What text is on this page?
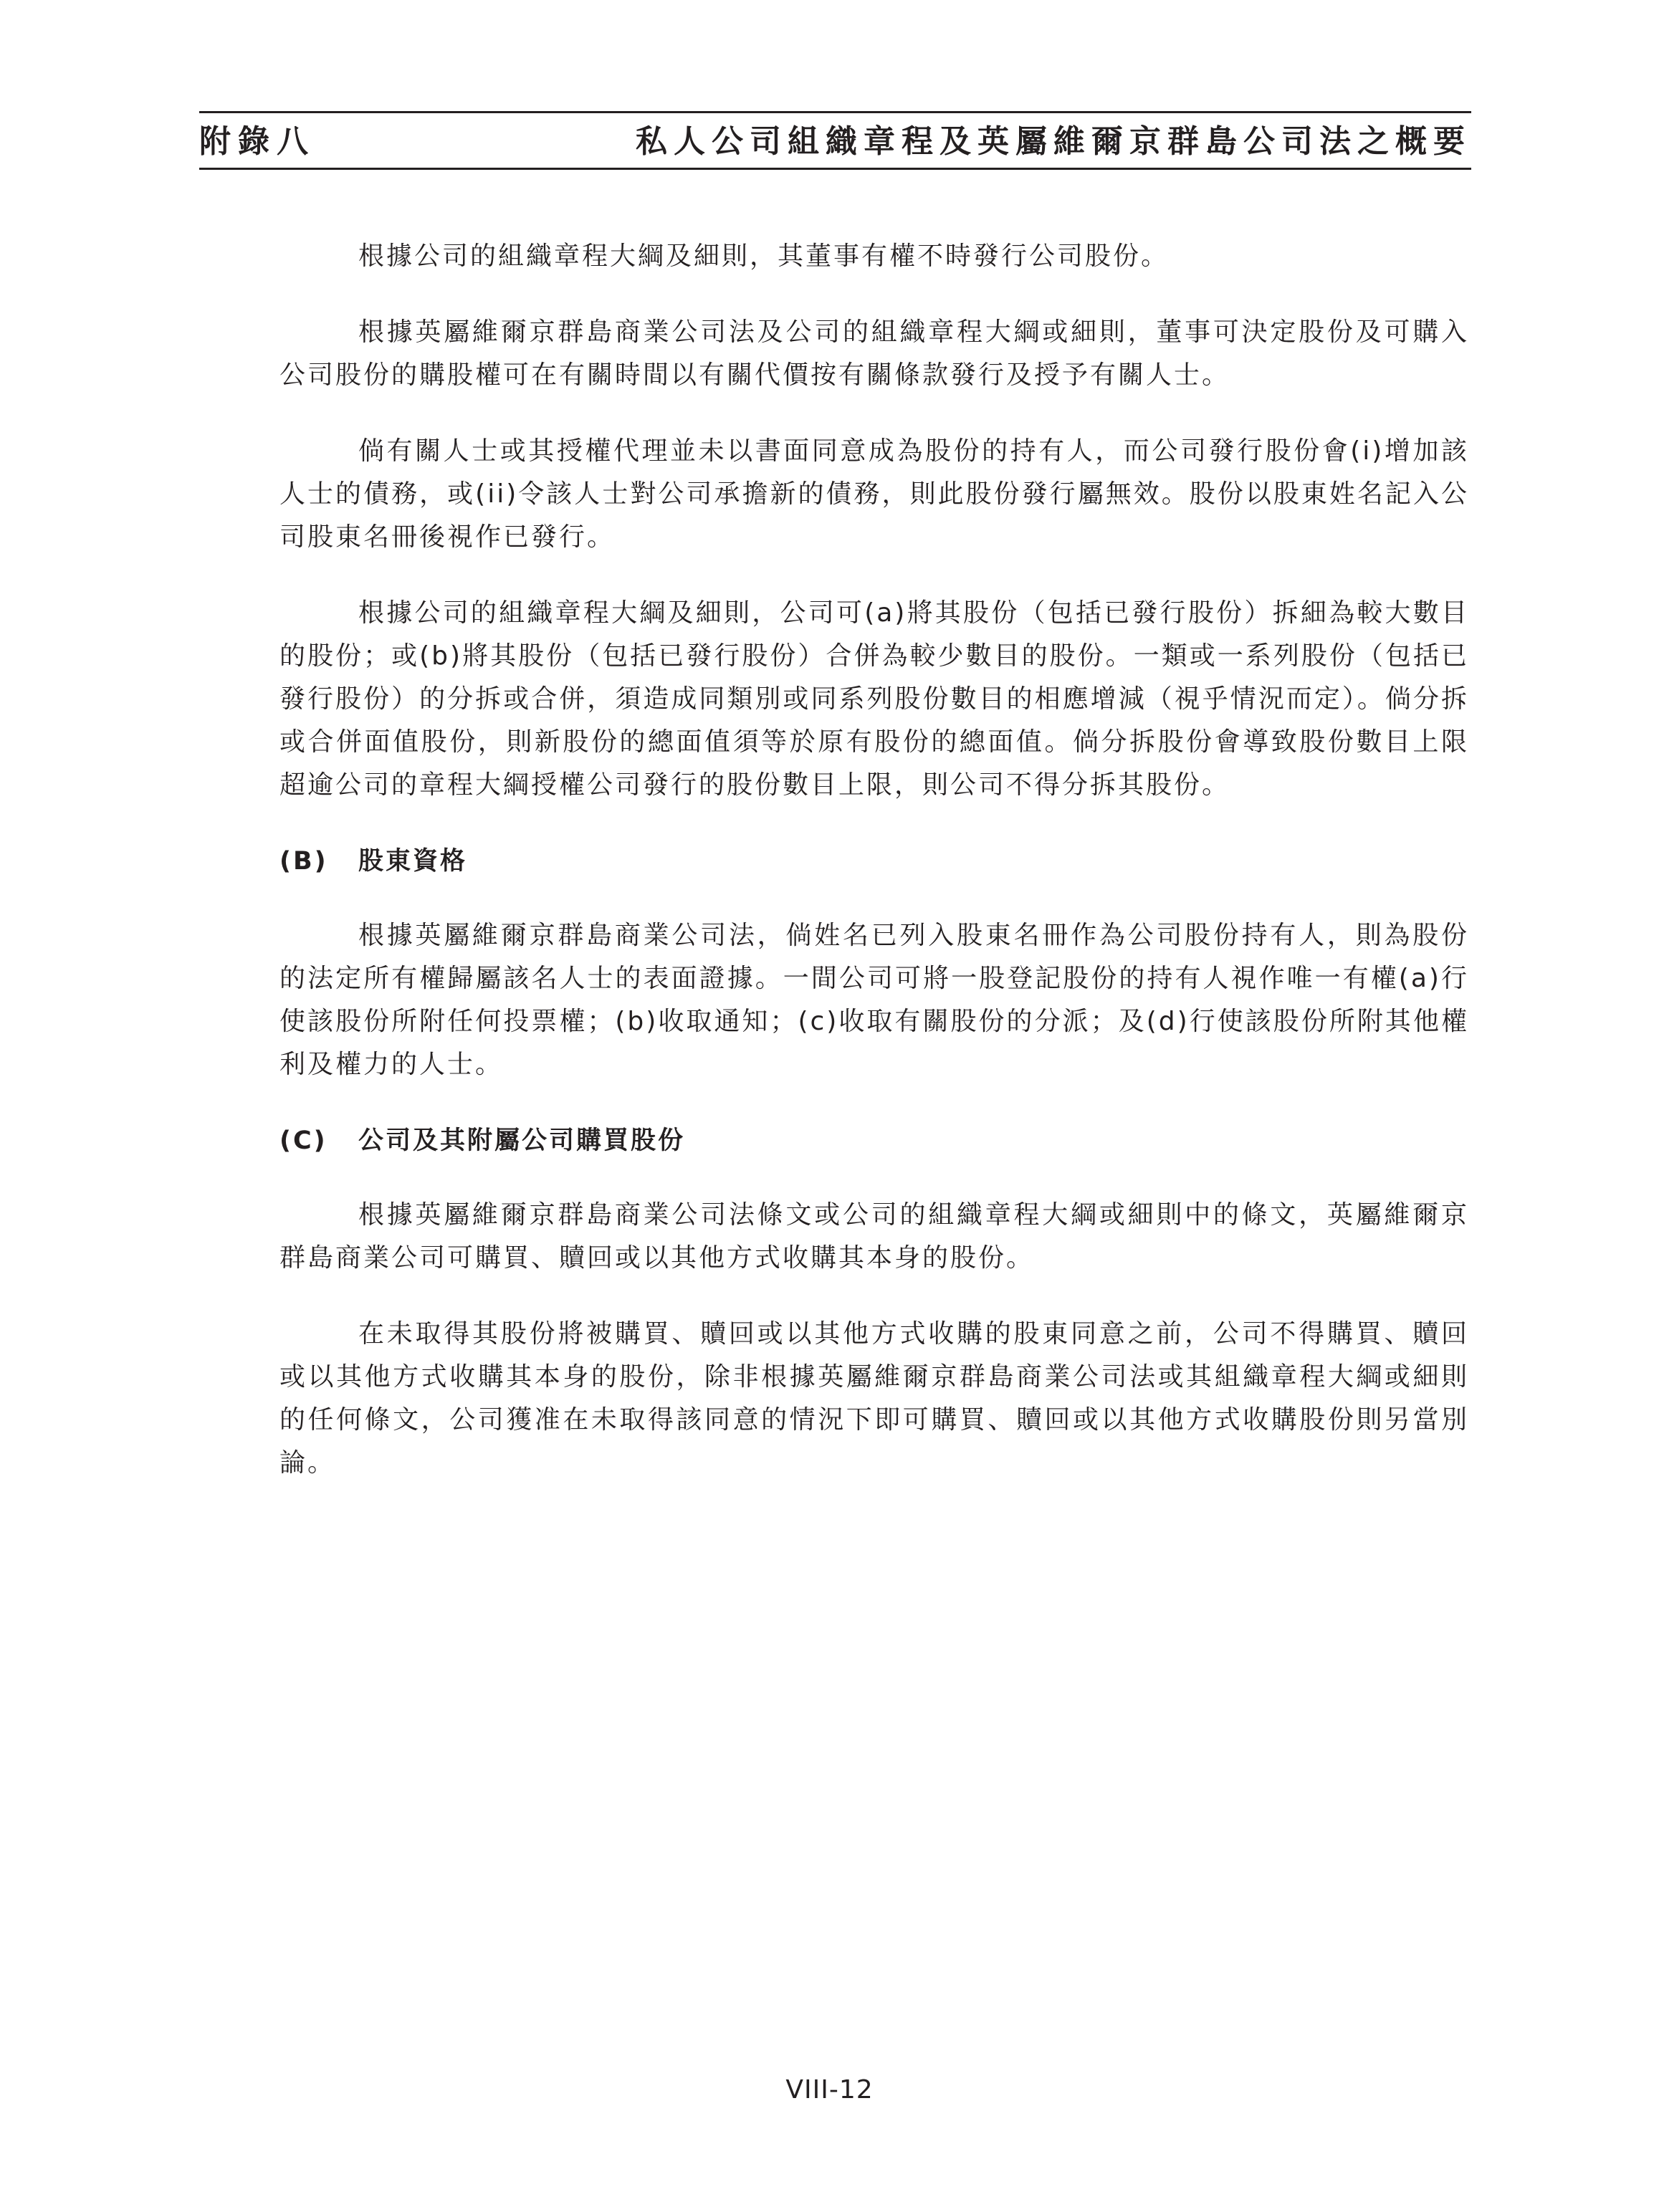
附錄八	私人公司組織章程及英屬維爾京群島公司法之概要

根據公司的組織章程大綱及細則，其董事有權不時發行公司股份。

根據英屬維爾京群島商業公司法及公司的組織章程大綱或細則，董事可決定股份及可購入公司股份的購股權可在有關時間以有關代價按有關條款發行及授予有關人士。

倘有關人士或其授權代理並未以書面同意成為股份的持有人，而公司發行股份會(i)增加該人士的債務，或(ii)令該人士對公司承擔新的債務，則此股份發行屬無效。股份以股東姓名記入公司股東名冊後視作已發行。

根據公司的組織章程大綱及細則，公司可(a)將其股份（包括已發行股份）拆細為較大數目的股份；或(b)將其股份（包括已發行股份）合併為較少數目的股份。一類或一系列股份（包括已發行股份）的分拆或合併，須造成同類別或同系列股份數目的相應增減（視乎情況而定）。倘分拆或合併面值股份，則新股份的總面值須等於原有股份的總面值。倘分拆股份會導致股份數目上限超逾公司的章程大綱授權公司發行的股份數目上限，則公司不得分拆其股份。

(B)	股東資格

根據英屬維爾京群島商業公司法，倘姓名已列入股東名冊作為公司股份持有人，則為股份的法定所有權歸屬該名人士的表面證據。一間公司可將一股登記股份的持有人視作唯一有權(a)行使該股份所附任何投票權；(b)收取通知；(c)收取有關股份的分派；及(d)行使該股份所附其他權利及權力的人士。

(C)	公司及其附屬公司購買股份

根據英屬維爾京群島商業公司法條文或公司的組織章程大綱或細則中的條文，英屬維爾京群島商業公司可購買、贖回或以其他方式收購其本身的股份。

在未取得其股份將被購買、贖回或以其他方式收購的股東同意之前，公司不得購買、贖回或以其他方式收購其本身的股份，除非根據英屬維爾京群島商業公司法或其組織章程大綱或細則的任何條文，公司獲准在未取得該同意的情況下即可購買、贖回或以其他方式收購股份則另當別論。

VIII-12
